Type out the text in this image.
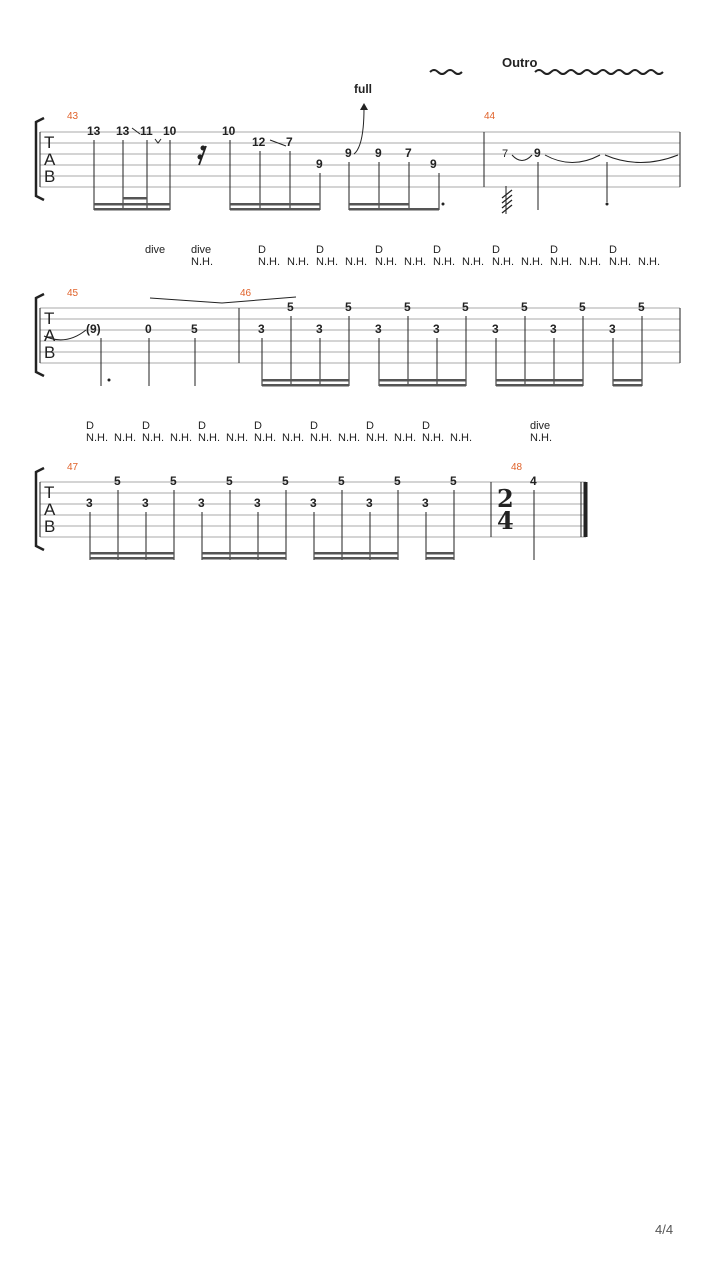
Outro
full
T
A
B
43	44
13 13 11 10	10
12 7
9
9 9 7
9
7 9
dive dive
N.H.
D	D	D	D	D	D	D
N.H. N.H. N.H. N.H. N.H. N.H. N.H. N.H. N.H. N.H. N.H. N.H. N.H. N.H.
T
A
B
45	46
(9)	0	5	3
5
3
5
3
5
3
5
3
5
3
5
3
5
D	D	D	D	D	D	D	dive
N.H. N.H. N.H. N.H. N.H. N.H. N.H. N.H. N.H. N.H. N.H. N.H. N.H. N.H.	N.H.
T
A
B
47	48
2
4
3
5
3
5
3
5
3
5
3
5
3
5
3
5	4
4/4
